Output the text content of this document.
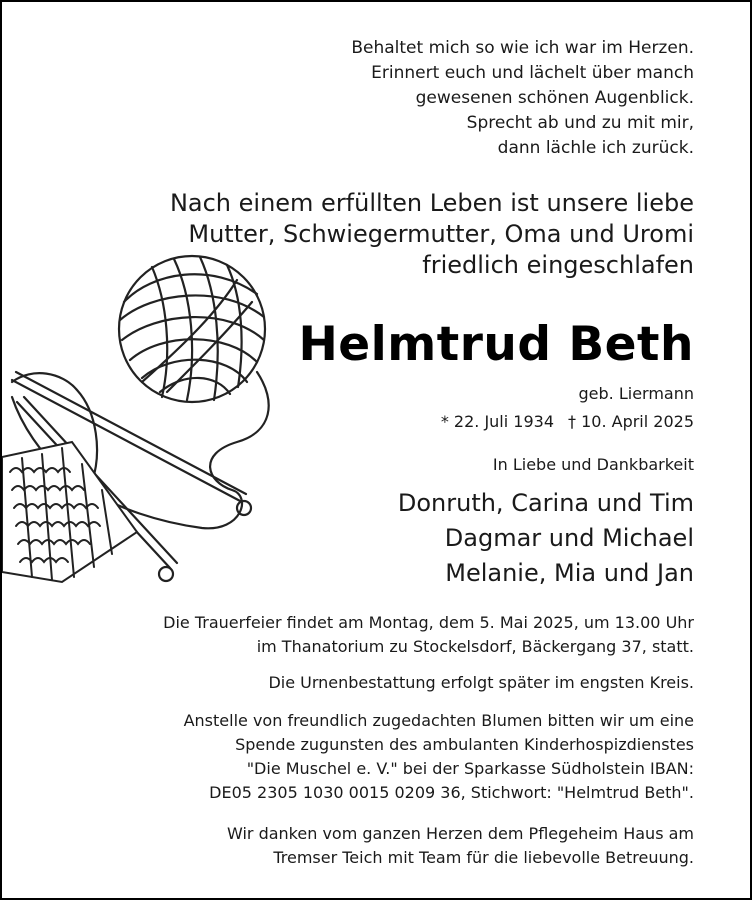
Behaltet mich so wie ich war im Herzen.
Erinnert euch und lächelt über manch
gewesenen schönen Augenblick.
Sprecht ab und zu mit mir,
dann lächle ich zurück.
Nach einem erfüllten Leben ist unsere liebe
Mutter, Schwiegermutter, Oma und Uromi
friedlich eingeschlafen
Helmtrud Beth
geb. Liermann
* 22. Juli 1934 † 10. April 2025
In Liebe und Dankbarkeit
Donruth, Carina und Tim
Dagmar und Michael
Melanie, Mia und Jan
Die Trauerfeier findet am Montag, dem 5. Mai 2025, um 13.00 Uhr
im Thanatorium zu Stockelsdorf, Bäckergang 37, statt.
Die Urnenbestattung erfolgt später im engsten Kreis.
Anstelle von freundlich zugedachten Blumen bitten wir um eine
Spende zugunsten des ambulanten Kinderhospizdienstes
"Die Muschel e. V." bei der Sparkasse Südholstein IBAN:
DE05 2305 1030 0015 0209 36, Stichwort: "Helmtrud Beth".
Wir danken vom ganzen Herzen dem Pflegeheim Haus am
Tremser Teich mit Team für die liebevolle Betreuung.
